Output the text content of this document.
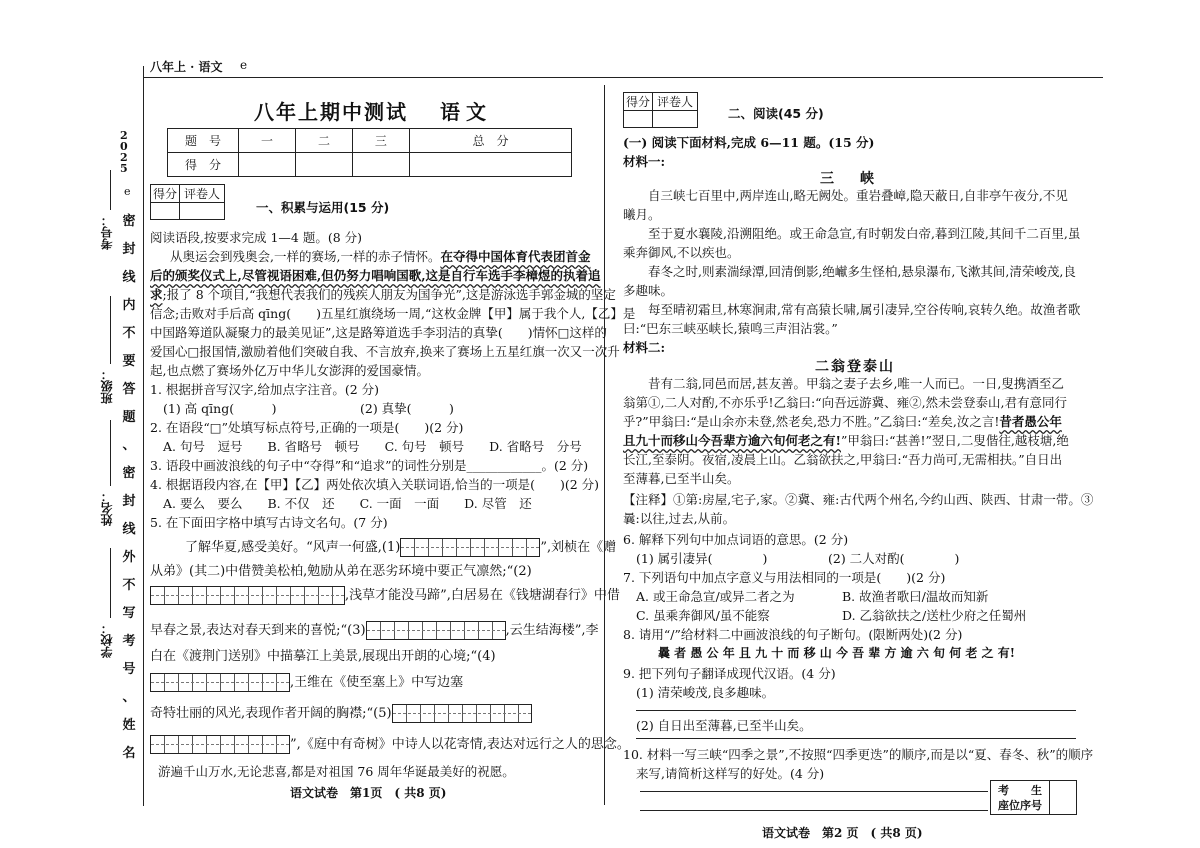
八年上 · 语文 e
2025
e
密
封
线
内
不
要
答
题
、
密
封
线
外
不
写
考
号
、
姓
名
考号：
班级：
姓名：
学校：
八年上期中测试 语文
题　号	一	二	三	总　分
得　分				
得分	评卷人

一、积累与运用(15 分)
阅读语段,按要求完成 1—4 题。(8 分)
从奥运会到残奥会,一样的赛场,一样的赤子情怀。在夺得中国体育代表团首金
后的颁奖仪式上,尽管视语困难,但仍努力唱响国歌,这是自行车选手李樟煜的执着追
求;报了 8 个项目,“我想代表我们的残疾人朋友为国争光”,这是游泳选手郭金城的坚定
信念;击败对手后高 qīng(　　)五星红旗绕场一周,“这枚金牌【甲】属于我个人,【乙】是
中国路筹道队凝聚力的最美见证”,这是路筹道选手李羽洁的真挚(　　)情怀□这样的
爱国心□报国情,激励着他们突破自我、不言放弃,换来了赛场上五星红旗一次又一次升
起,也点燃了赛场外亿万中华儿女澎湃的爱国豪情。
1. 根据拼音写汉字,给加点字注音。(2 分)
(1) 高 qīng(　　　)	(2) 真挚(　　　)
2. 在语段“□”处填写标点符号,正确的一项是(　　)(2 分)
A. 句号　逗号　　B. 省略号　顿号　　C. 句号　顿号　　D. 省略号　分号
3. 语段中画波浪线的句子中“夺得”和“追求”的词性分别是____________。(2 分)
4. 根据语段内容,在【甲】【乙】两处依次填入关联词语,恰当的一项是(　　)(2 分)
A. 要么　要么　　B. 不仅　还　　C. 一面　一面　　D. 尽管　还
5. 在下面田字格中填写古诗文名句。(7 分)
了解华夏,感受美好。“风声一何盛,(1)	”,刘桢在《赠
从弟》(其二)中借赞美松柏,勉励从弟在恶劣环境中要正气凛然;“(2)
,浅草才能没马蹄”,白居易在《钱塘湖春行》中借
早春之景,表达对春天到来的喜悦;“(3)	,云生结海楼”,李
白在《渡荆门送别》中描摹江上美景,展现出开朗的心境;“(4)
,王维在《使至塞上》中写边塞
奇特壮丽的风光,表现作者开阔的胸襟;“(5)
”,《庭中有奇树》中诗人以花寄情,表达对远行之人的思念。
游遍千山万水,无论悲喜,都是对祖国 76 周年华诞最美好的祝愿。
语文试卷　第1页　( 共8 页)
得分	评卷人

二、阅读(45 分)
(一) 阅读下面材料,完成 6—11 题。(15 分)
材料一:
三　峡
自三峡七百里中,两岸连山,略无阙处。重岩叠嶂,隐天蔽日,自非亭午夜分,不见
曦月。
至于夏水襄陵,沿溯阻绝。或王命急宣,有时朝发白帝,暮到江陵,其间千二百里,虽
乘奔御风,不以疾也。
春冬之时,则素湍绿潭,回清倒影,绝𪩘多生怪柏,悬泉瀑布,飞漱其间,清荣峻茂,良
多趣味。
每至晴初霜旦,林寒涧肃,常有高猿长啸,属引凄异,空谷传响,哀转久绝。故渔者歌
曰:“巴东三峡巫峡长,猿鸣三声泪沾裳。”
材料二:
二翁登泰山
昔有二翁,同邑而居,甚友善。甲翁之妻子去乡,唯一人而已。一日,叟携酒至乙
翁第①,二人对酌,不亦乐乎!乙翁曰:“向吾远游冀、雍②,然未尝登泰山,君有意同行
乎?”甲翁曰:“是山余亦未登,然老矣,恐力不胜。”乙翁曰:“差矣,汝之言!昔者愚公年
且九十而移山今吾辈方逾六旬何老之有!”甲翁曰:“甚善!”翌日,二叟偕往,越枝塘,绝
长江,至泰阴。夜宿,凌晨上山。乙翁欲扶之,甲翁曰:“吾力尚可,无需相扶。”自日出
至薄暮,已至半山矣。
【注释】①第:房屋,宅子,家。②冀、雍:古代两个州名,今约山西、陕西、甘肃一带。③
曩:以往,过去,从前。
6. 解释下列句中加点词语的意思。(2 分)
(1) 属引凄异(　　　　)	(2) 二人对酌(　　　　)
7. 下列语句中加点字意义与用法相同的一项是(　　)(2 分)
A. 或王命急宣/或异二者之为	B. 故渔者歌曰/温故而知新
C. 虽乘奔御风/虽不能察	D. 乙翁欲扶之/送杜少府之任蜀州
8. 请用“/”给材料二中画波浪线的句子断句。(限断两处)(2 分)
曩 者 愚 公 年 且 九 十 而 移 山 今 吾 辈 方 逾 六 旬 何 老 之 有!
9. 把下列句子翻译成现代汉语。(4 分)
(1) 清荣峻茂,良多趣味。
(2) 自日出至薄暮,已至半山矣。
10. 材料一写三峡“四季之景”,不按照“四季更迭”的顺序,而是以“夏、春冬、秋”的顺序
来写,请简析这样写的好处。(4 分)
考　　生
座位序号

语文试卷　第2 页　( 共8 页)
